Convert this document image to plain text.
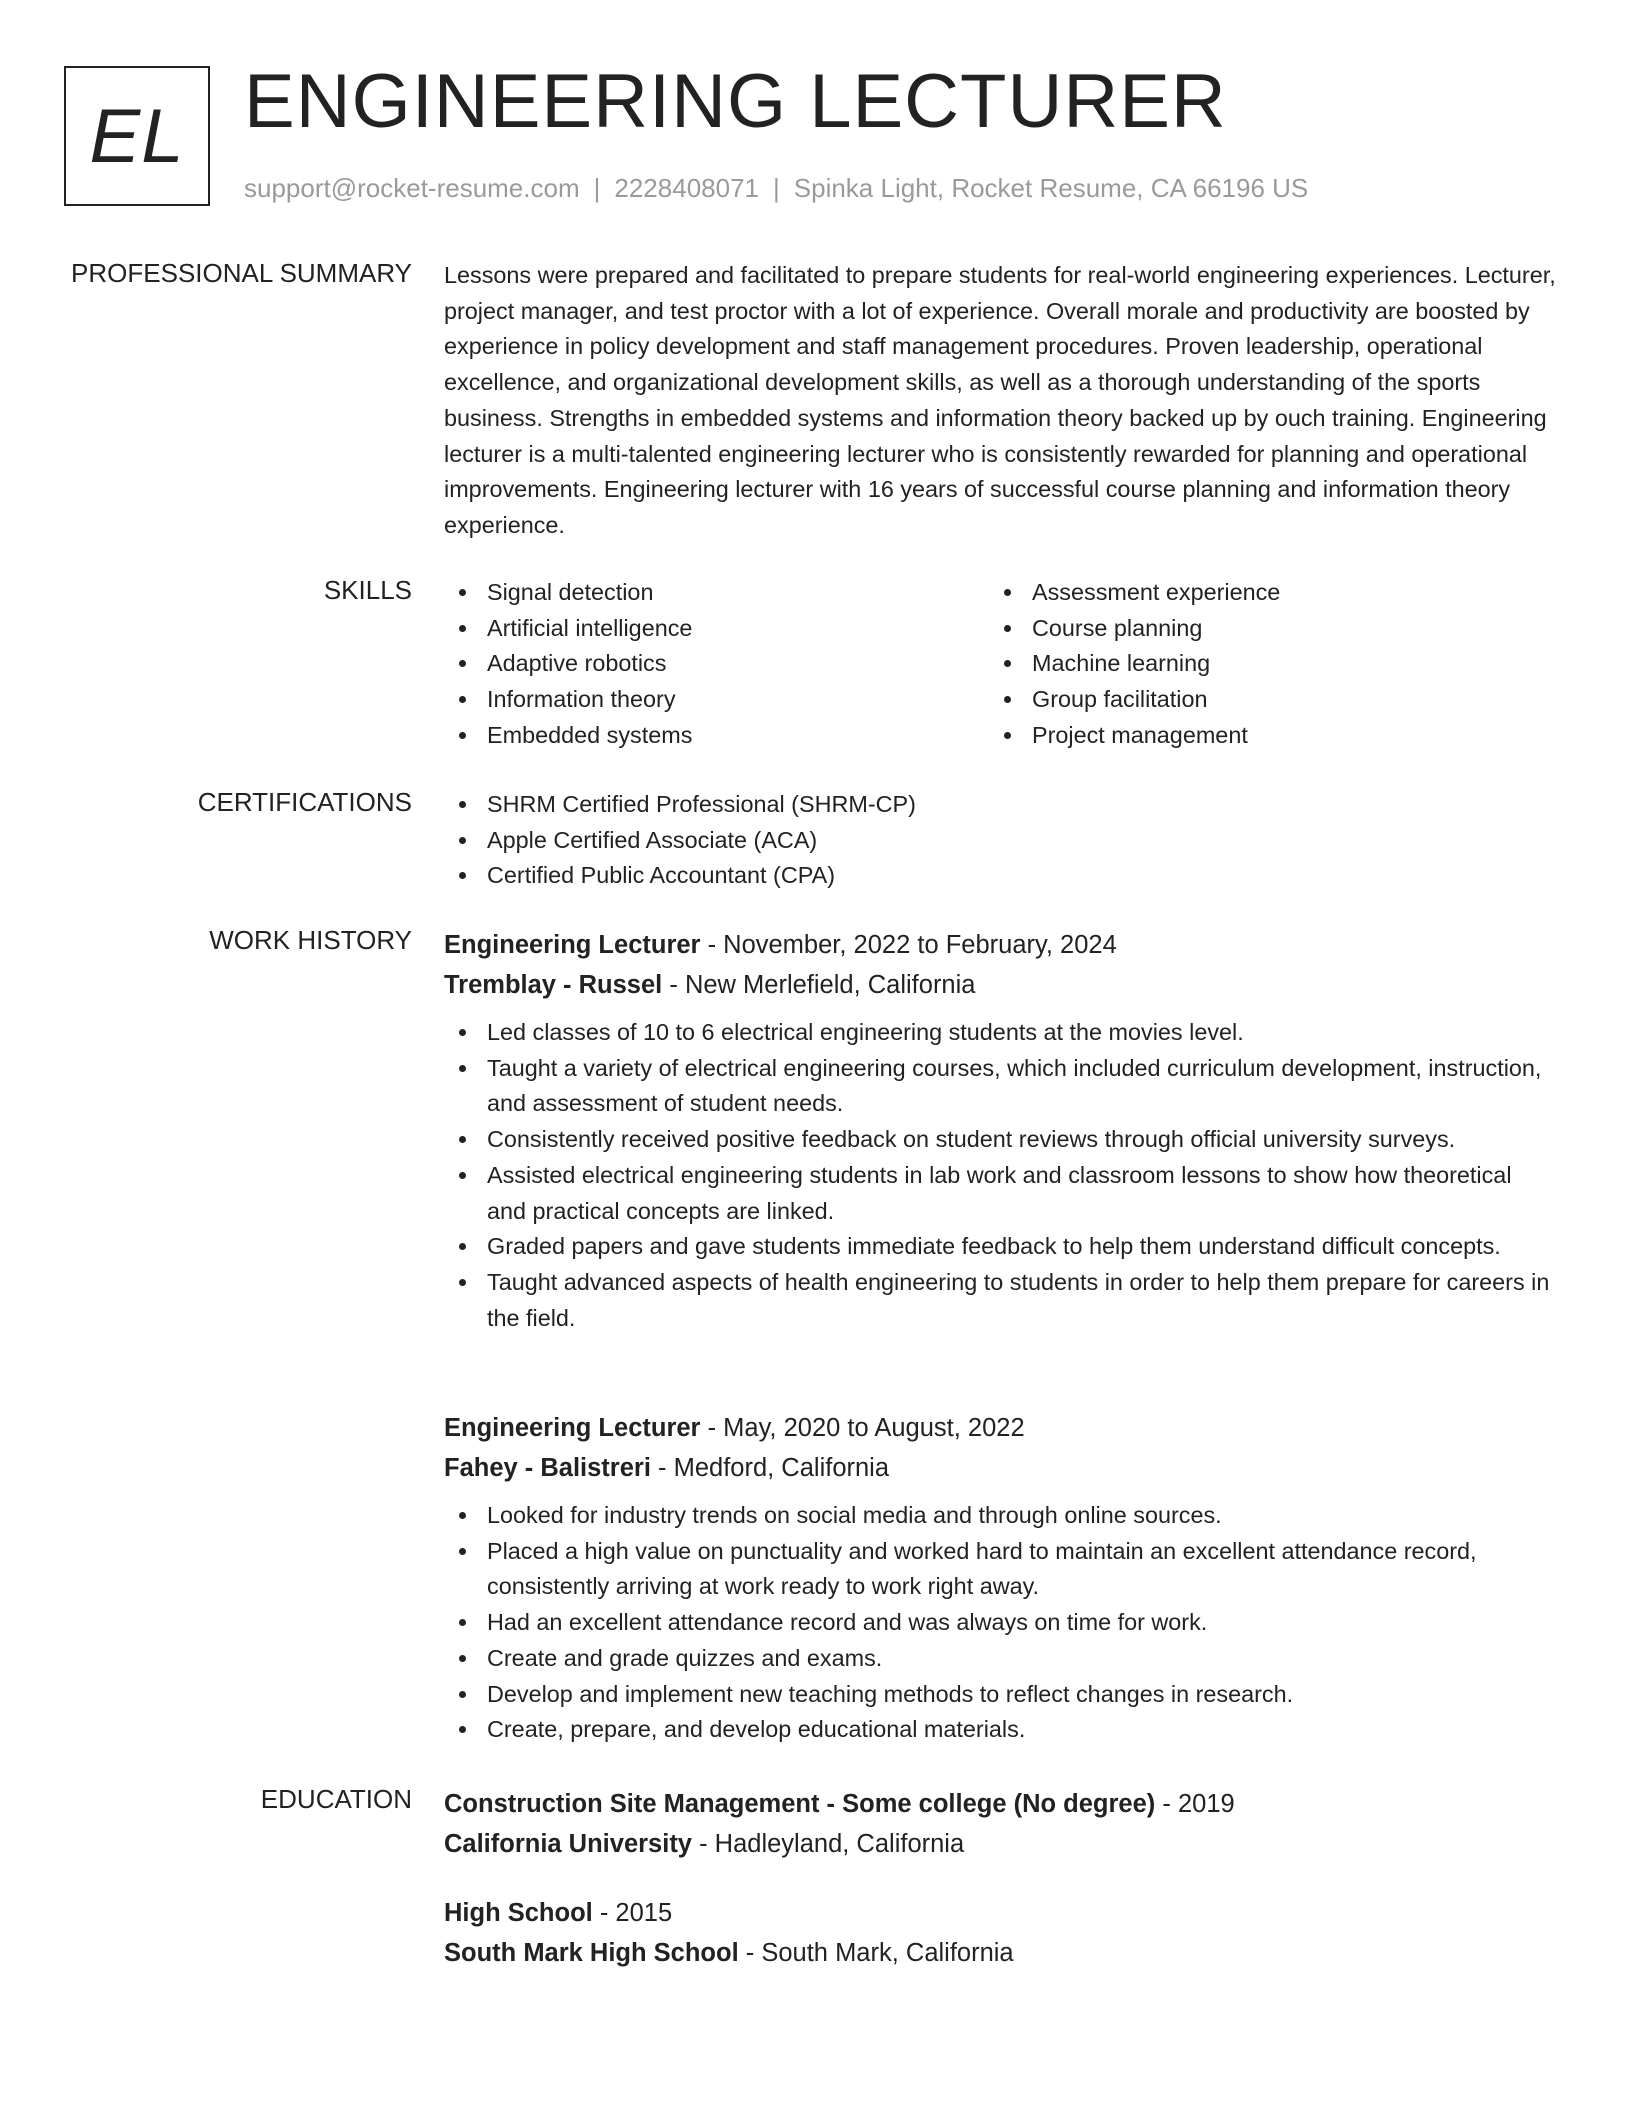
EL ENGINEERING LECTURER
support@rocket-resume.com | 2228408071 | Spinka Light, Rocket Resume, CA 66196 US
PROFESSIONAL SUMMARY Lessons were prepared and facilitated to prepare students for real-world engineering experiences. Lecturer, project manager, and test proctor with a lot of experience. Overall morale and productivity are boosted by experience in policy development and staff management procedures. Proven leadership, operational excellence, and organizational development skills, as well as a thorough understanding of the sports business. Strengths in embedded systems and information theory backed up by ouch training. Engineering lecturer is a multi-talented engineering lecturer who is consistently rewarded for planning and operational improvements. Engineering lecturer with 16 years of successful course planning and information theory experience.

SKILLS	Signal detection
Artificial intelligence
Adaptive robotics
Information theory
Embedded systems
Assessment experience
Course planning
Machine learning
Group facilitation
Project management
CERTIFICATIONS	SHRM Certified Professional (SHRM-CP)
Apple Certified Associate (ACA)
Certified Public Accountant (CPA)
WORK HISTORY Engineering Lecturer - November, 2022 to February, 2024
Tremblay - Russel - New Merlefield, California
Led classes of 10 to 6 electrical engineering students at the movies level.
Taught a variety of electrical engineering courses, which included curriculum development, instruction, and assessment of student needs.
Consistently received positive feedback on student reviews through official university surveys.
Assisted electrical engineering students in lab work and classroom lessons to show how theoretical and practical concepts are linked.
Graded papers and gave students immediate feedback to help them understand difficult concepts.
Taught advanced aspects of health engineering to students in order to help them prepare for careers in the field.
Engineering Lecturer - May, 2020 to August, 2022
Fahey - Balistreri - Medford, California
Looked for industry trends on social media and through online sources.
Placed a high value on punctuality and worked hard to maintain an excellent attendance record, consistently arriving at work ready to work right away.
Had an excellent attendance record and was always on time for work.
Create and grade quizzes and exams.
Develop and implement new teaching methods to reflect changes in research.
Create, prepare, and develop educational materials.
EDUCATION Construction Site Management - Some college (No degree) - 2019
California University - Hadleyland, California
High School - 2015
South Mark High School - South Mark, California
